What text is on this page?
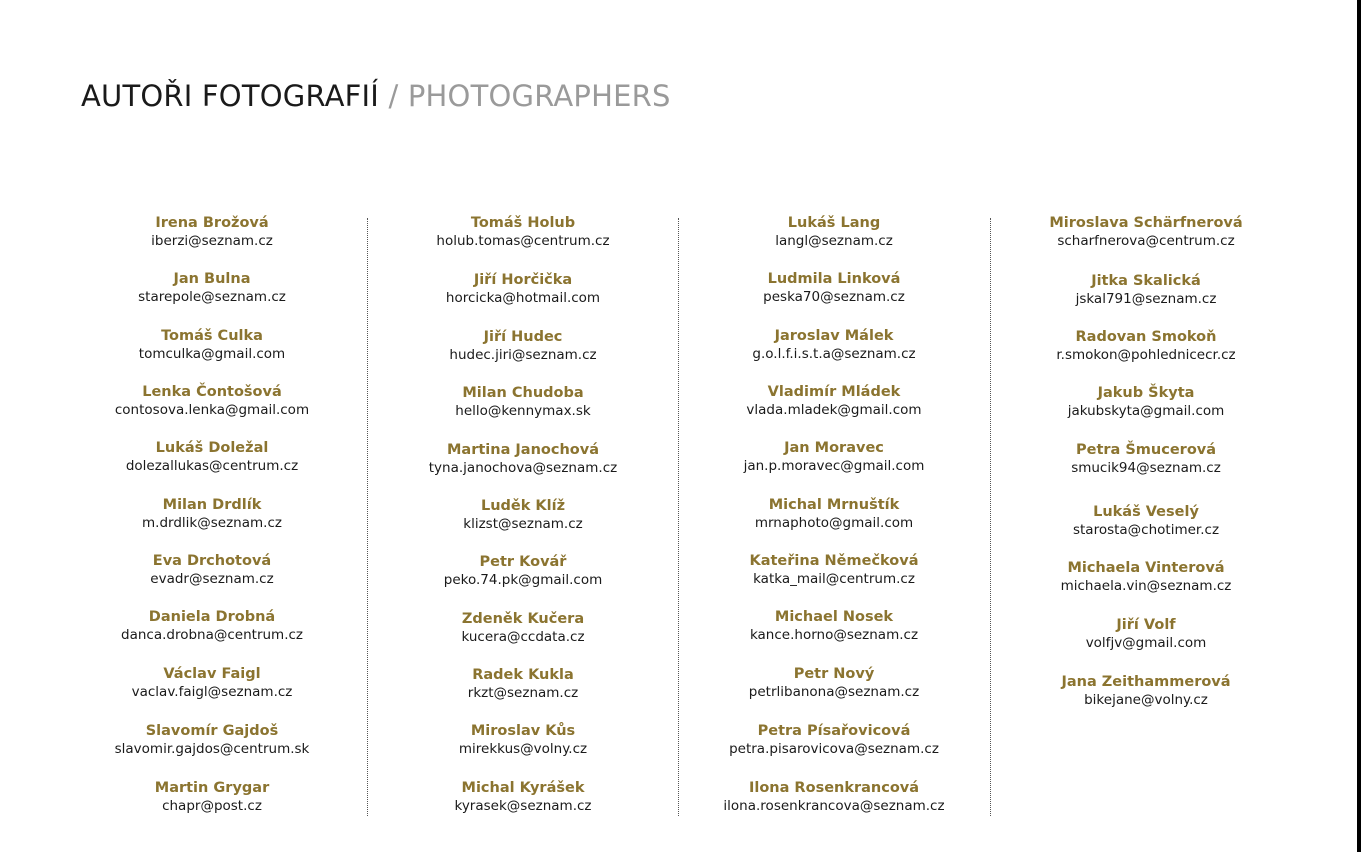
AUTOŘI FOTOGRAFIÍ / PHOTOGRAPHERS
Irena Brožová
iberzi@seznam.cz
Jan Bulna
starepole@seznam.cz
Tomáš Culka
tomculka@gmail.com
Lenka Čontošová
contosova.lenka@gmail.com
Lukáš Doležal
dolezallukas@centrum.cz
Milan Drdlík
m.drdlik@seznam.cz
Eva Drchotová
evadr@seznam.cz
Daniela Drobná
danca.drobna@centrum.cz
Václav Faigl
vaclav.faigl@seznam.cz
Slavomír Gajdoš
slavomir.gajdos@centrum.sk
Martin Grygar
chapr@post.cz
Tomáš Holub
holub.tomas@centrum.cz
Jiří Horčička
horcicka@hotmail.com
Jiří Hudec
hudec.jiri@seznam.cz
Milan Chudoba
hello@kennymax.sk
Martina Janochová
tyna.janochova@seznam.cz
Luděk Klíž
klizst@seznam.cz
Petr Kovář
peko.74.pk@gmail.com
Zdeněk Kučera
kucera@ccdata.cz
Radek Kukla
rkzt@seznam.cz
Miroslav Kůs
mirekkus@volny.cz
Michal Kyrášek
kyrasek@seznam.cz
Lukáš Lang
langl@seznam.cz
Ludmila Linková
peska70@seznam.cz
Jaroslav Málek
g.o.l.f.i.s.t.a@seznam.cz
Vladimír Mládek
vlada.mladek@gmail.com
Jan Moravec
jan.p.moravec@gmail.com
Michal Mrnuštík
mrnaphoto@gmail.com
Kateřina Němečková
katka_mail@centrum.cz
Michael Nosek
kance.horno@seznam.cz
Petr Nový
petrlibanona@seznam.cz
Petra Písařovicová
petra.pisarovicova@seznam.cz
Ilona Rosenkrancová
ilona.rosenkrancova@seznam.cz
Miroslava Schärfnerová
scharfnerova@centrum.cz
Jitka Skalická
jskal791@seznam.cz
Radovan Smokoň
r.smokon@pohlednicecr.cz
Jakub Škyta
jakubskyta@gmail.com
Petra Šmucerová
smucik94@seznam.cz
Lukáš Veselý
starosta@chotimer.cz
Michaela Vinterová
michaela.vin@seznam.cz
Jiří Volf
volfjv@gmail.com
Jana Zeithammerová
bikejane@volny.cz
